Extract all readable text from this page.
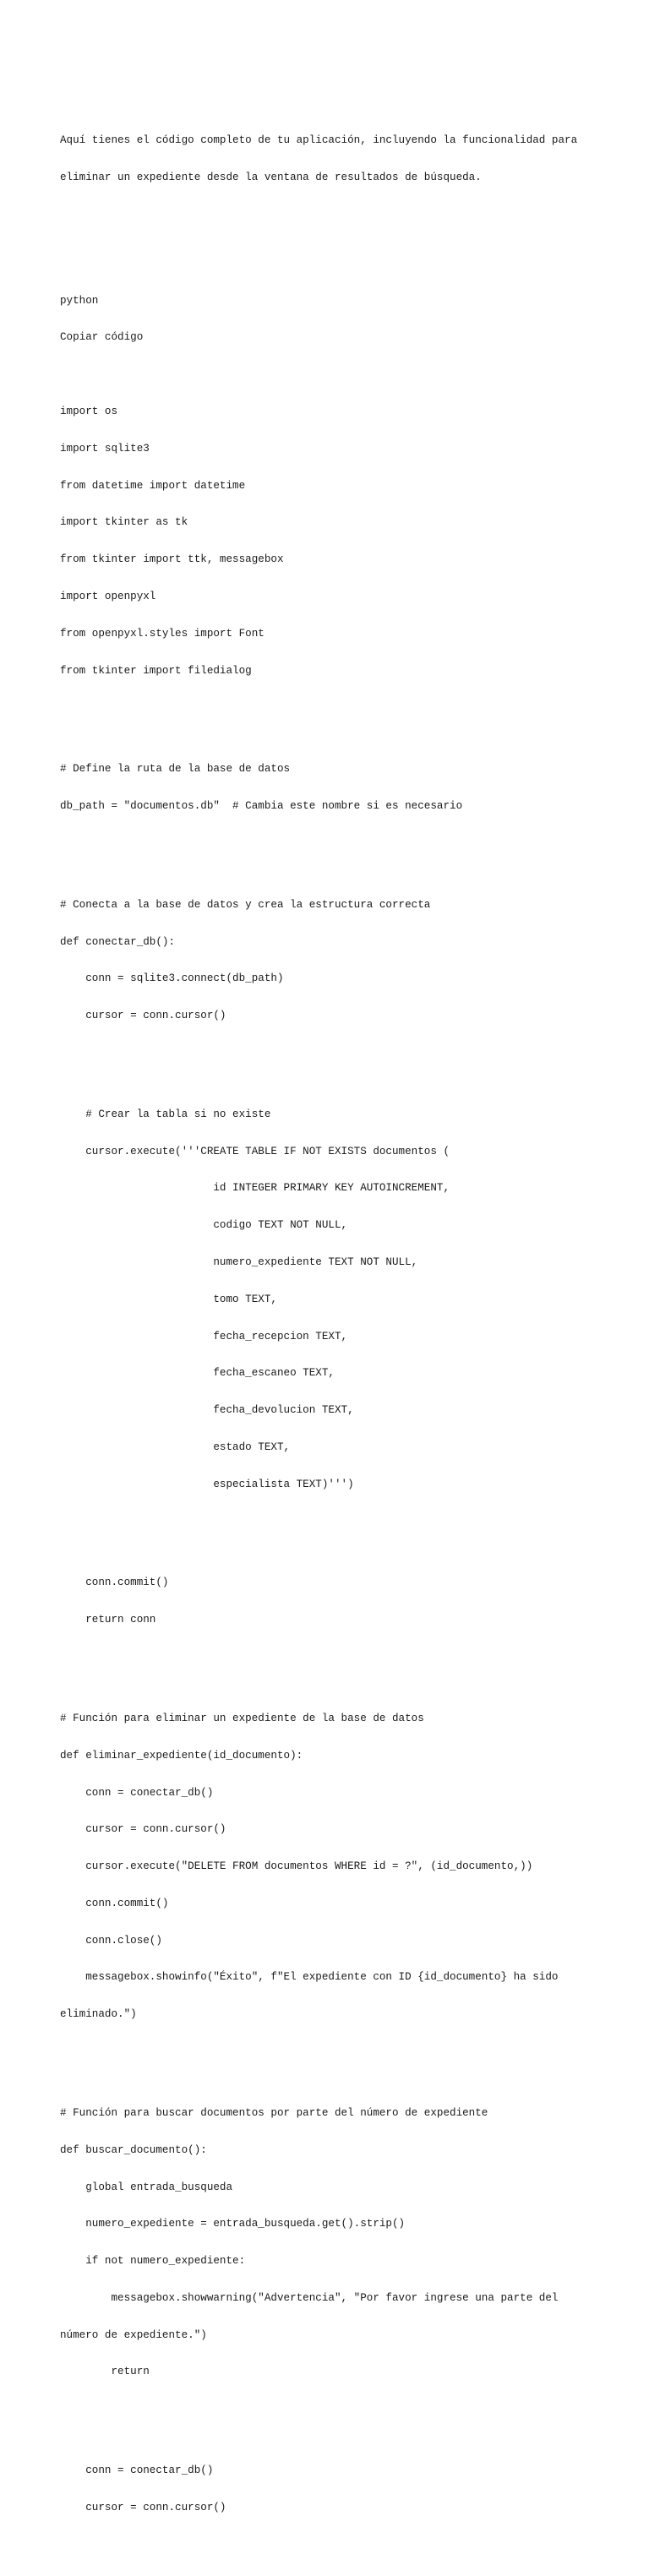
Aquí tienes el código completo de tu aplicación, incluyendo la funcionalidad para

eliminar un expediente desde la ventana de resultados de búsqueda.

python

Copiar código

import os

import sqlite3

from datetime import datetime

import tkinter as tk

from tkinter import ttk, messagebox

import openpyxl

from openpyxl.styles import Font

from tkinter import filedialog

# Define la ruta de la base de datos

db_path = "documentos.db"  # Cambia este nombre si es necesario

# Conecta a la base de datos y crea la estructura correcta

def conectar_db():

conn = sqlite3.connect(db_path)

cursor = conn.cursor()

# Crear la tabla si no existe

cursor.execute('''CREATE TABLE IF NOT EXISTS documentos (

id INTEGER PRIMARY KEY AUTOINCREMENT,

codigo TEXT NOT NULL,

numero_expediente TEXT NOT NULL,

tomo TEXT,

fecha_recepcion TEXT,

fecha_escaneo TEXT,

fecha_devolucion TEXT,

estado TEXT,

especialista TEXT)''')

conn.commit()

return conn

# Función para eliminar un expediente de la base de datos

def eliminar_expediente(id_documento):

conn = conectar_db()

cursor = conn.cursor()

cursor.execute("DELETE FROM documentos WHERE id = ?", (id_documento,))

conn.commit()

conn.close()

messagebox.showinfo("Éxito", f"El expediente con ID {id_documento} ha sido

eliminado.")

# Función para buscar documentos por parte del número de expediente

def buscar_documento():

global entrada_busqueda

numero_expediente = entrada_busqueda.get().strip()

if not numero_expediente:

messagebox.showwarning("Advertencia", "Por favor ingrese una parte del

número de expediente.")

return

conn = conectar_db()

cursor = conn.cursor()
